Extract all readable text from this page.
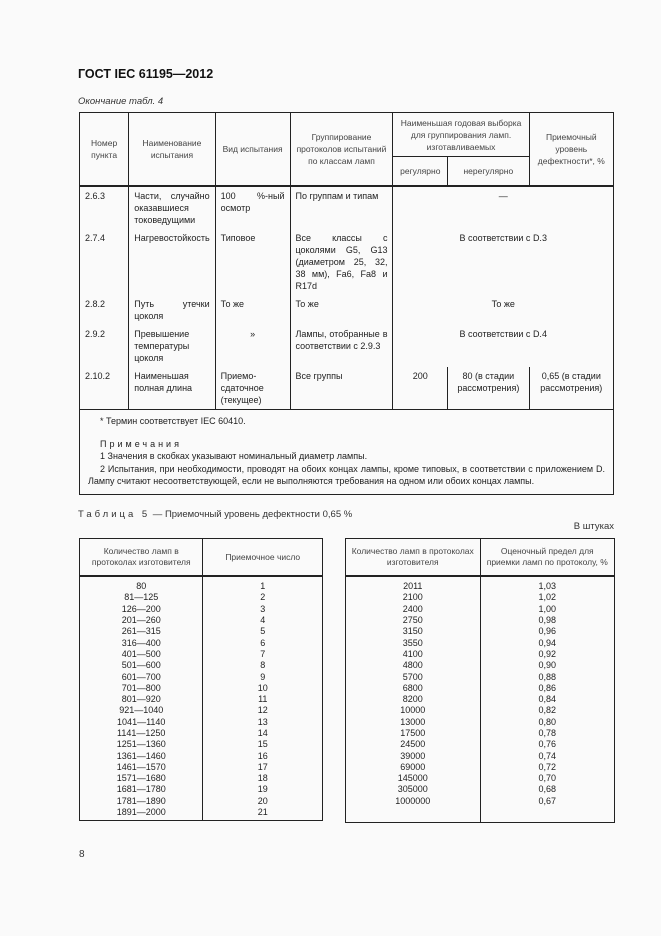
ГОСТ IEC 61195—2012
Окончание табл. 4
Номер пункта	Наименование испытания	Вид испытания	Группирование протоколов испытаний по классам ламп	Наименьшая годовая выборка для группирования ламп. изготавливаемых		Приемочный уровень дефектности*, %
				регулярно	нерегулярно	
2.6.3	Части, случайно оказавшиеся токоведущими	100 %-ный осмотр	По группам и типам	—		
2.7.4	Нагревостойкость	Типовое	Все классы с цоколями G5, G13 (диаметром 25, 32, 38 мм), Fa6, Fa8 и R17d	В соответствии с D.3		
2.8.2	Путь утечки цоколя	То же	То же	То же		
2.9.2	Превышение температуры цоколя	»	Лампы, отобранные в соответствии с 2.9.3	В соответствии с D.4		
2.10.2	Наименьшая полная длина	Приемо-сдаточное (текущее)	Все группы	200	80 (в стадии рассмотрения)	0,65 (в стадии рассмотрения)

* Термин соответствует IEC 60410.

Примечания

1 Значения в скобках указывают номинальный диаметр лампы.

2 Испытания, при необходимости, проводят на обоих концах лампы, кроме типовых, в соответствии с приложением D. Лампу считают несоответствующей, если не выполняются требования на одном или обоих концах лампы.						

Таблица 5 — Приемочный уровень дефектности 0,65 %
В штуках
Количество ламп в протоколах изготовителя	Приемочное число
80	1
81—125	2
126—200	3
201—260	4
261—315	5
316—400	6
401—500	7
501—600	8
601—700	9
701—800	10
801—920	11
921—1040	12
1041—1140	13
1141—1250	14
1251—1360	15
1361—1460	16
1461—1570	17
1571—1680	18
1681—1780	19
1781—1890	20
1891—2000	21
Количество ламп в протоколах изготовителя	Оценочный предел для приемки ламп по протоколу, %
2011	1,03
2100	1,02
2400	1,00
2750	0,98
3150	0,96
3550	0,94
4100	0,92
4800	0,90
5700	0,88
6800	0,86
8200	0,84
10000	0,82
13000	0,80
17500	0,78
24500	0,76
39000	0,74
69000	0,72
145000	0,70
305000	0,68
1000000	0,67

8
